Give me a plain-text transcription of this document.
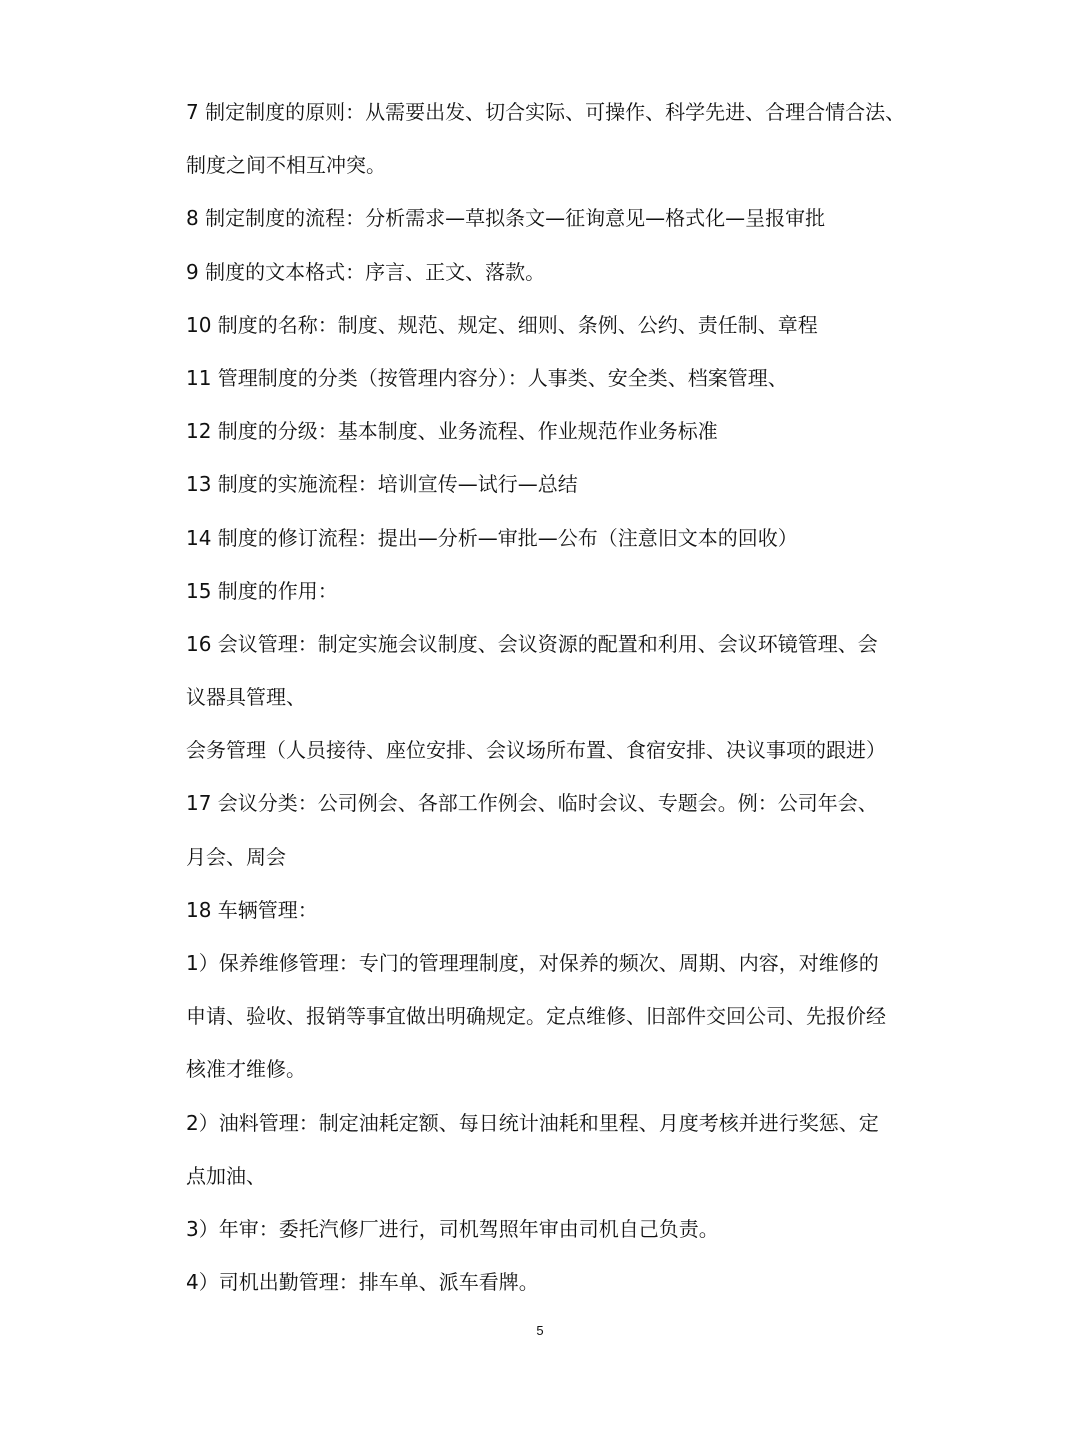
7 制定制度的原则：从需要出发、切合实际、可操作、科学先进、合理合情合法、
制度之间不相互冲突。
8 制定制度的流程：分析需求—草拟条文—征询意见—格式化—呈报审批
9 制度的文本格式：序言、正文、落款。
10 制度的名称：制度、规范、规定、细则、条例、公约、责任制、章程
11 管理制度的分类（按管理内容分）：人事类、安全类、档案管理、
12 制度的分级：基本制度、业务流程、作业规范作业务标准
13 制度的实施流程：培训宣传—试行—总结
14 制度的修订流程：提出—分析—审批—公布（注意旧文本的回收）
15 制度的作用：
16 会议管理：制定实施会议制度、会议资源的配置和利用、会议环镜管理、会
议器具管理、
会务管理（人员接待、座位安排、会议场所布置、食宿安排、决议事项的跟进）
17 会议分类：公司例会、各部工作例会、临时会议、专题会。例：公司年会、
月会、周会
18 车辆管理：
1）保养维修管理：专门的管理理制度，对保养的频次、周期、内容，对维修的
申请、验收、报销等事宜做出明确规定。定点维修、旧部件交回公司、先报价经
核准才维修。
2）油料管理：制定油耗定额、每日统计油耗和里程、月度考核并进行奖惩、定
点加油、
3）年审：委托汽修厂进行，司机驾照年审由司机自己负责。
4）司机出勤管理：排车单、派车看牌。
5
